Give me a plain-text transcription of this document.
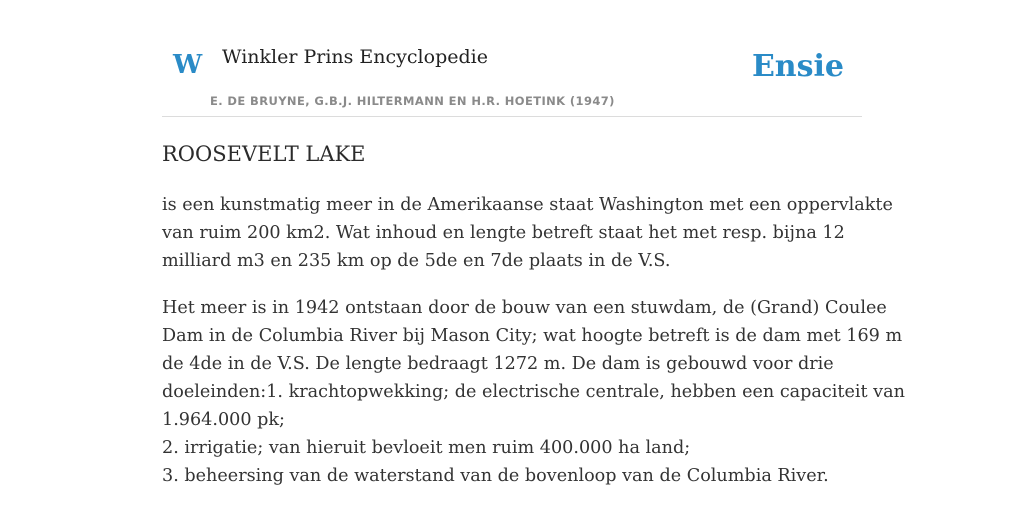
W Winkler Prins Encyclopedie
E. DE BRUYNE, G.B.J. HILTERMANN EN H.R. HOETINK (1947)
Ensie
ROOSEVELT LAKE

is een kunstmatig meer in de Amerikaanse staat Washington met een oppervlakte
van ruim 200 km2. Wat inhoud en lengte betreft staat het met resp. bijna 12
milliard m3 en 235 km op de 5de en 7de plaats in de V.S.

Het meer is in 1942 ontstaan door de bouw van een stuwdam, de (Grand) Coulee
Dam in de Columbia River bij Mason City; wat hoogte betreft is de dam met 169 m
de 4de in de V.S. De lengte bedraagt 1272 m. De dam is gebouwd voor drie
doeleinden:1. krachtopwekking; de electrische centrale, hebben een capaciteit van
1.964.000 pk;
2. irrigatie; van hieruit bevloeit men ruim 400.000 ha land;
3. beheersing van de waterstand van de bovenloop van de Columbia River.
